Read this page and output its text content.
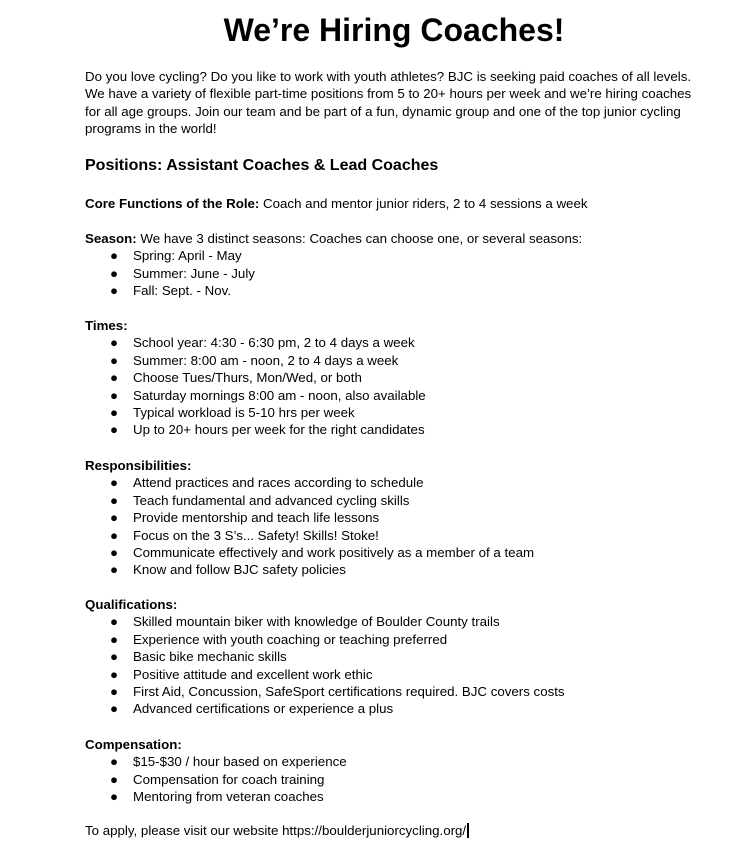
We’re Hiring Coaches!

Do you love cycling? Do you like to work with youth athletes? BJC is seeking paid coaches of all levels. We have a variety of flexible part-time positions from 5 to 20+ hours per week and we’re hiring coaches for all age groups. Join our team and be part of a fun, dynamic group and one of the top junior cycling programs in the world!

Positions: Assistant Coaches & Lead Coaches

Core Functions of the Role: Coach and mentor junior riders, 2 to 4 sessions a week

Season: We have 3 distinct seasons: Coaches can choose one, or several seasons:

● Spring: April - May
● Summer: June - July
● Fall: Sept. - Nov.

Times:

● School year: 4:30 - 6:30 pm, 2 to 4 days a week
● Summer: 8:00 am - noon, 2 to 4 days a week
● Choose Tues/Thurs, Mon/Wed, or both
● Saturday mornings 8:00 am - noon, also available
● Typical workload is 5-10 hrs per week
● Up to 20+ hours per week for the right candidates

Responsibilities:

● Attend practices and races according to schedule
● Teach fundamental and advanced cycling skills
● Provide mentorship and teach life lessons
● Focus on the 3 S’s... Safety! Skills! Stoke!
● Communicate effectively and work positively as a member of a team
● Know and follow BJC safety policies

Qualifications:

● Skilled mountain biker with knowledge of Boulder County trails
● Experience with youth coaching or teaching preferred
● Basic bike mechanic skills
● Positive attitude and excellent work ethic
● First Aid, Concussion, SafeSport certifications required. BJC covers costs
● Advanced certifications or experience a plus

Compensation:

● $15-$30 / hour based on experience
● Compensation for coach training
● Mentoring from veteran coaches

To apply, please visit our website https://boulderjuniorcycling.org/
